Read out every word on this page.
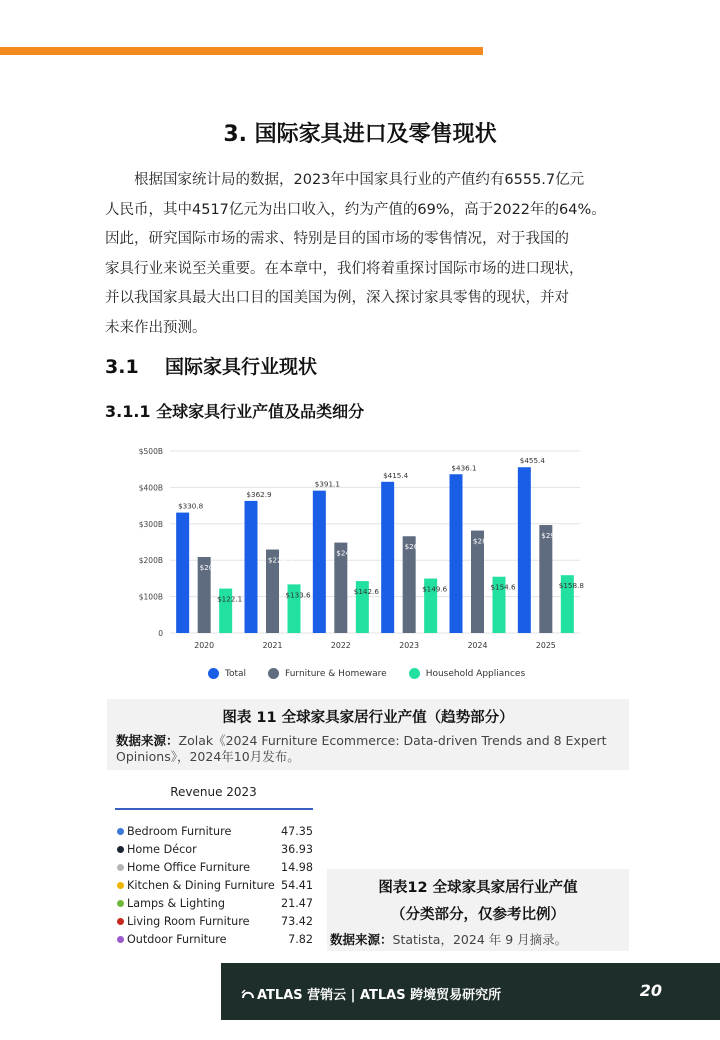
3. 国际家具进口及零售现状
根据国家统计局的数据，2023年中国家具行业的产值约有6555.7亿元
人民币，其中4517亿元为出口收入，约为产值的69%，高于2022年的64%。
因此，研究国际市场的需求、特别是目的国市场的零售情况，对于我国的
家具行业来说至关重要。在本章中，我们将着重探讨国际市场的进口现状，
并以我国家具最大出口目的国美国为例，深入探讨家具零售的现状，并对
未来作出预测。
3.1 国际家具行业现状
3.1.1 全球家具行业产值及品类细分
0
$100B
$200B
$300B
$400B
$500B
$330.8
$208.8
$122.1
2020
$362.9
$229.3
$133.6
2021
$391.1
$248.4
$142.6
2022
$415.4
$265.8
$149.6
2023
$436.1
$281.4
$154.6
2024
$455.4
$296.6
$158.8
2025
Total	Furniture & Homeware	Household Appliances
图表 11 全球家具家居行业产值（趋势部分）
数据来源：Zolak《2024 Furniture Ecommerce: Data-driven Trends and 8 Expert Opinions》，2024年10月发布。
Revenue 2023
Bedroom Furniture	47.35
Home Décor	36.93
Home Office Furniture	14.98
Kitchen & Dining Furniture 54.41
Lamps & Lighting	21.47
Living Room Furniture	73.42
Outdoor Furniture	7.82
图表12 全球家具家居行业产值
（分类部分，仅参考比例）
数据来源：Statista，2024 年 9 月摘录。
ATLAS 营销云 | ATLAS 跨境贸易研究所	20
